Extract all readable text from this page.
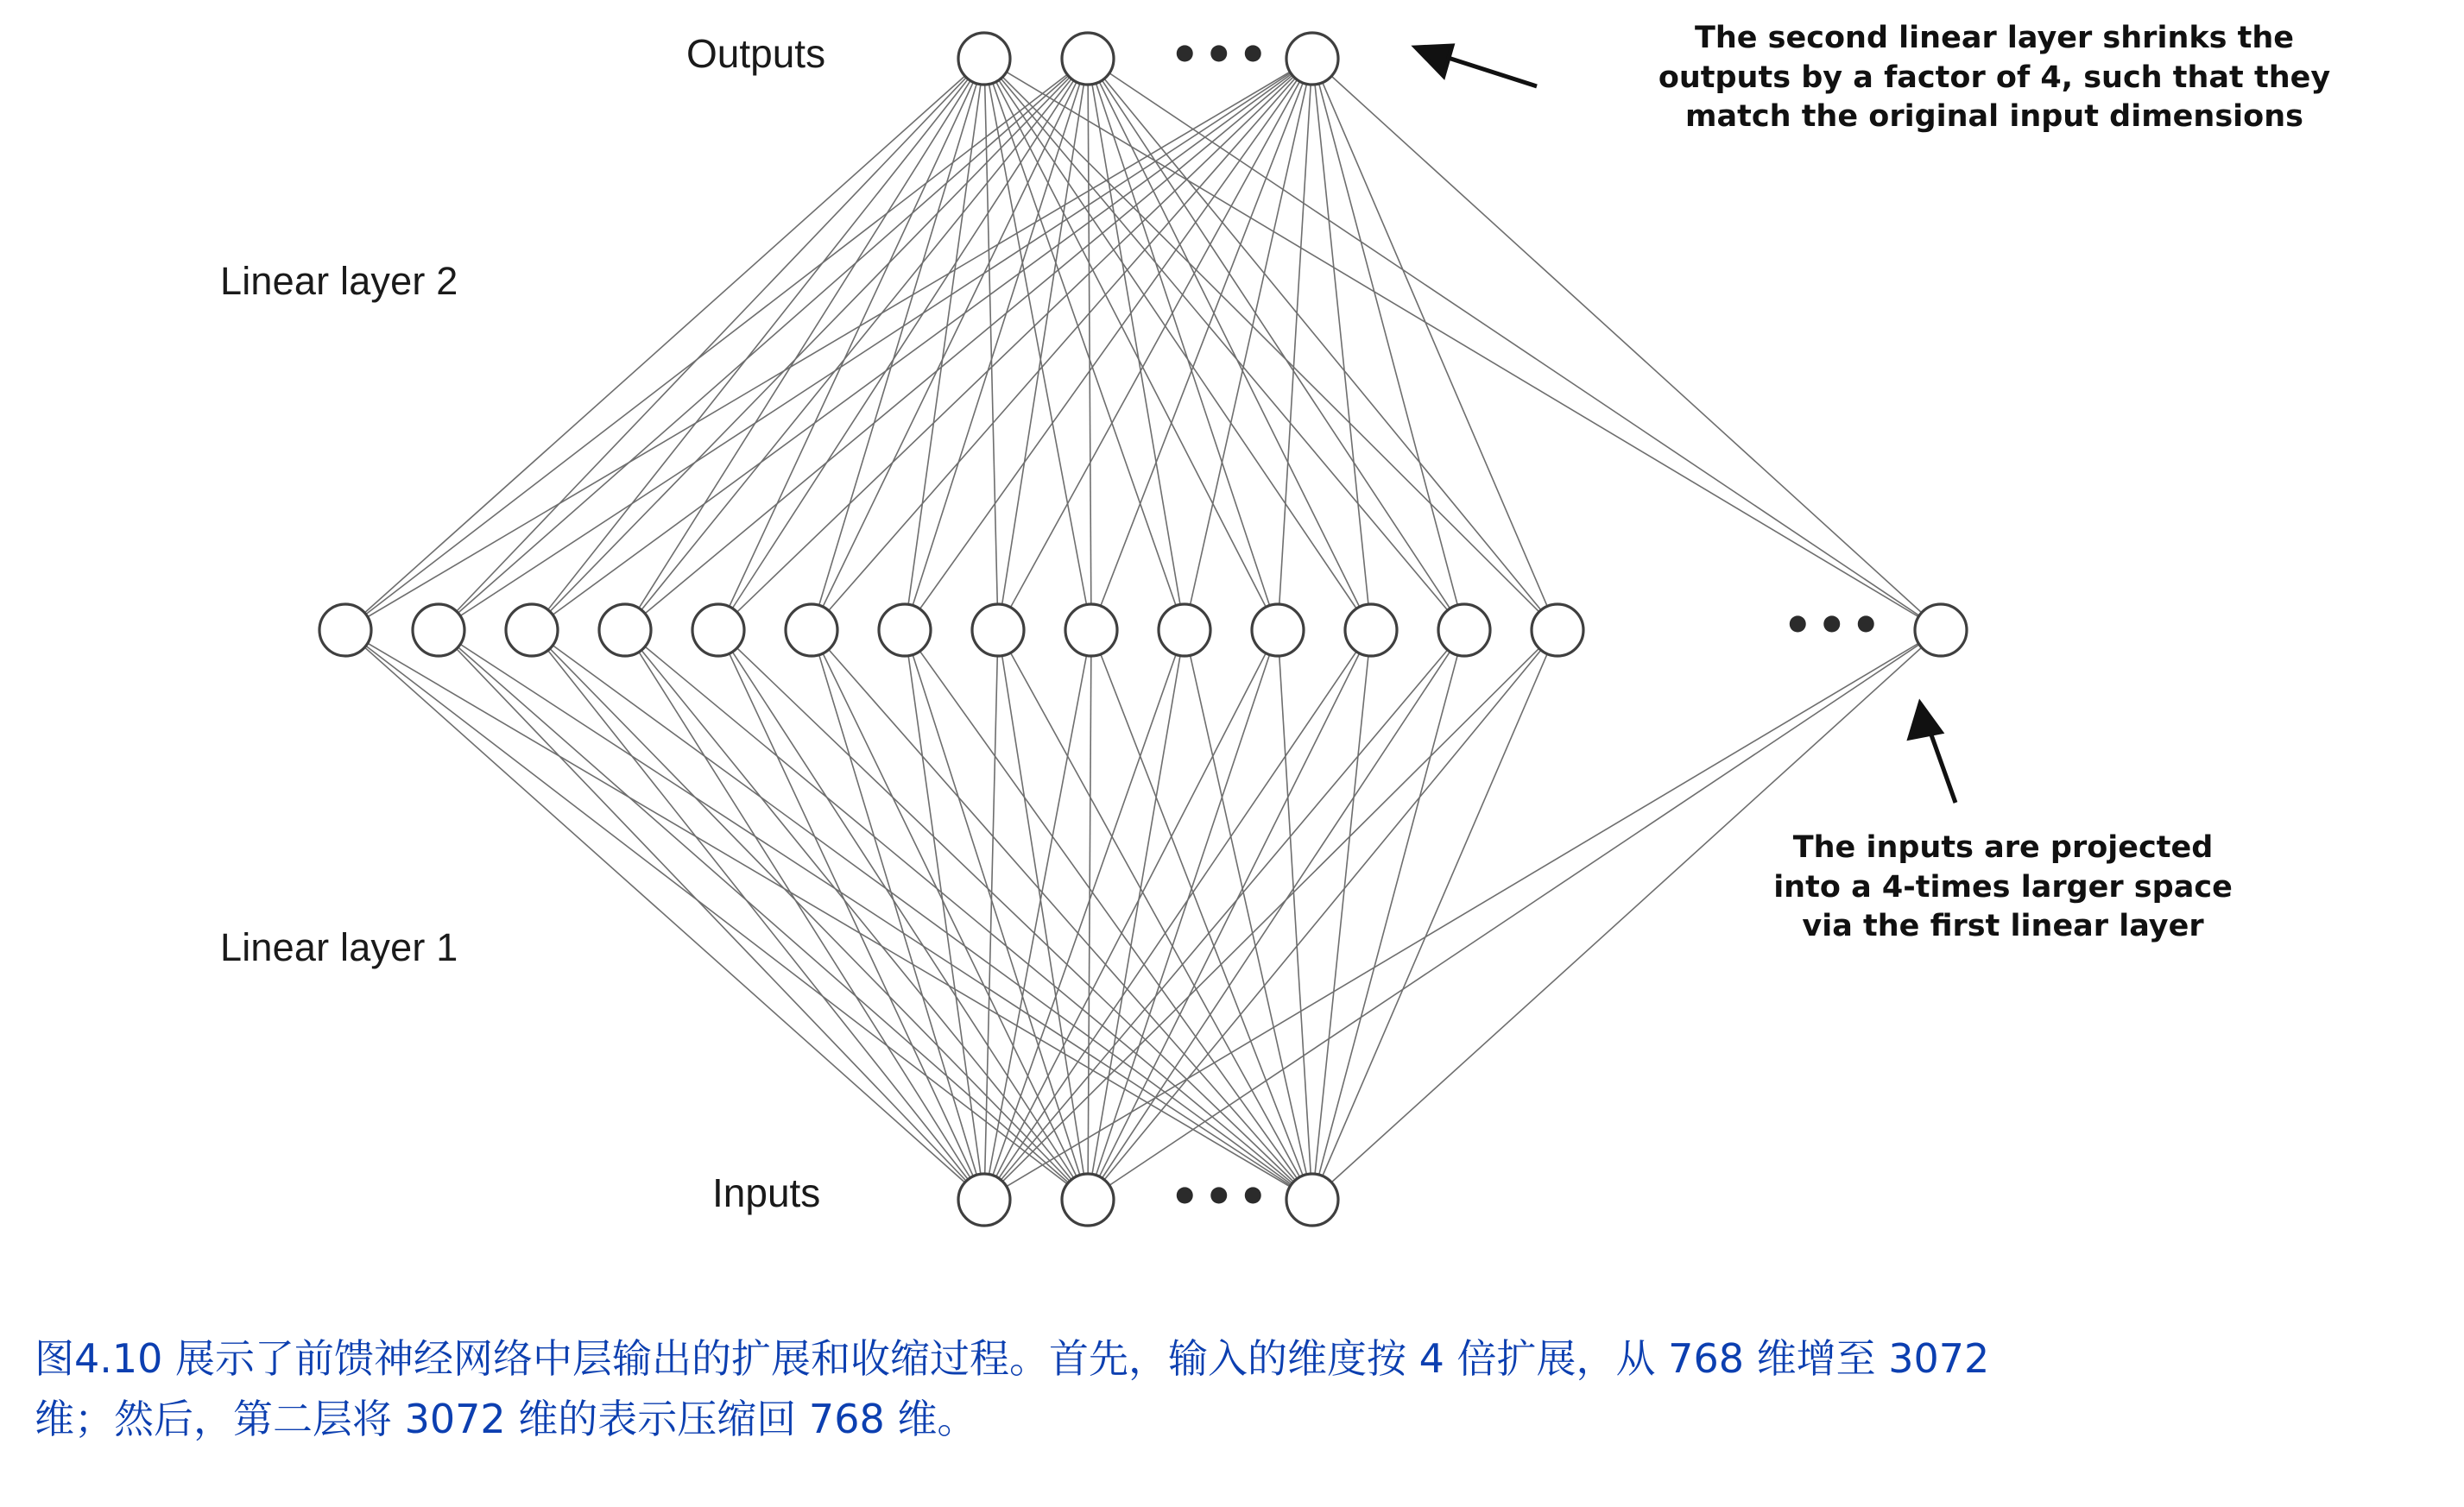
Outputs
Inputs
Linear layer 2
Linear layer 1
•••
•••
•••
The second linear layer shrinks the
outputs by a factor of 4, such that they
match the original input dimensions
The inputs are projected
into a 4-times larger space
via the first linear layer
图4.10 展示了前馈神经网络中层输出的扩展和收缩过程。首先，输入的维度按 4 倍扩展，从 768 维增至 3072
维；然后，第二层将 3072 维的表示压缩回 768 维。
